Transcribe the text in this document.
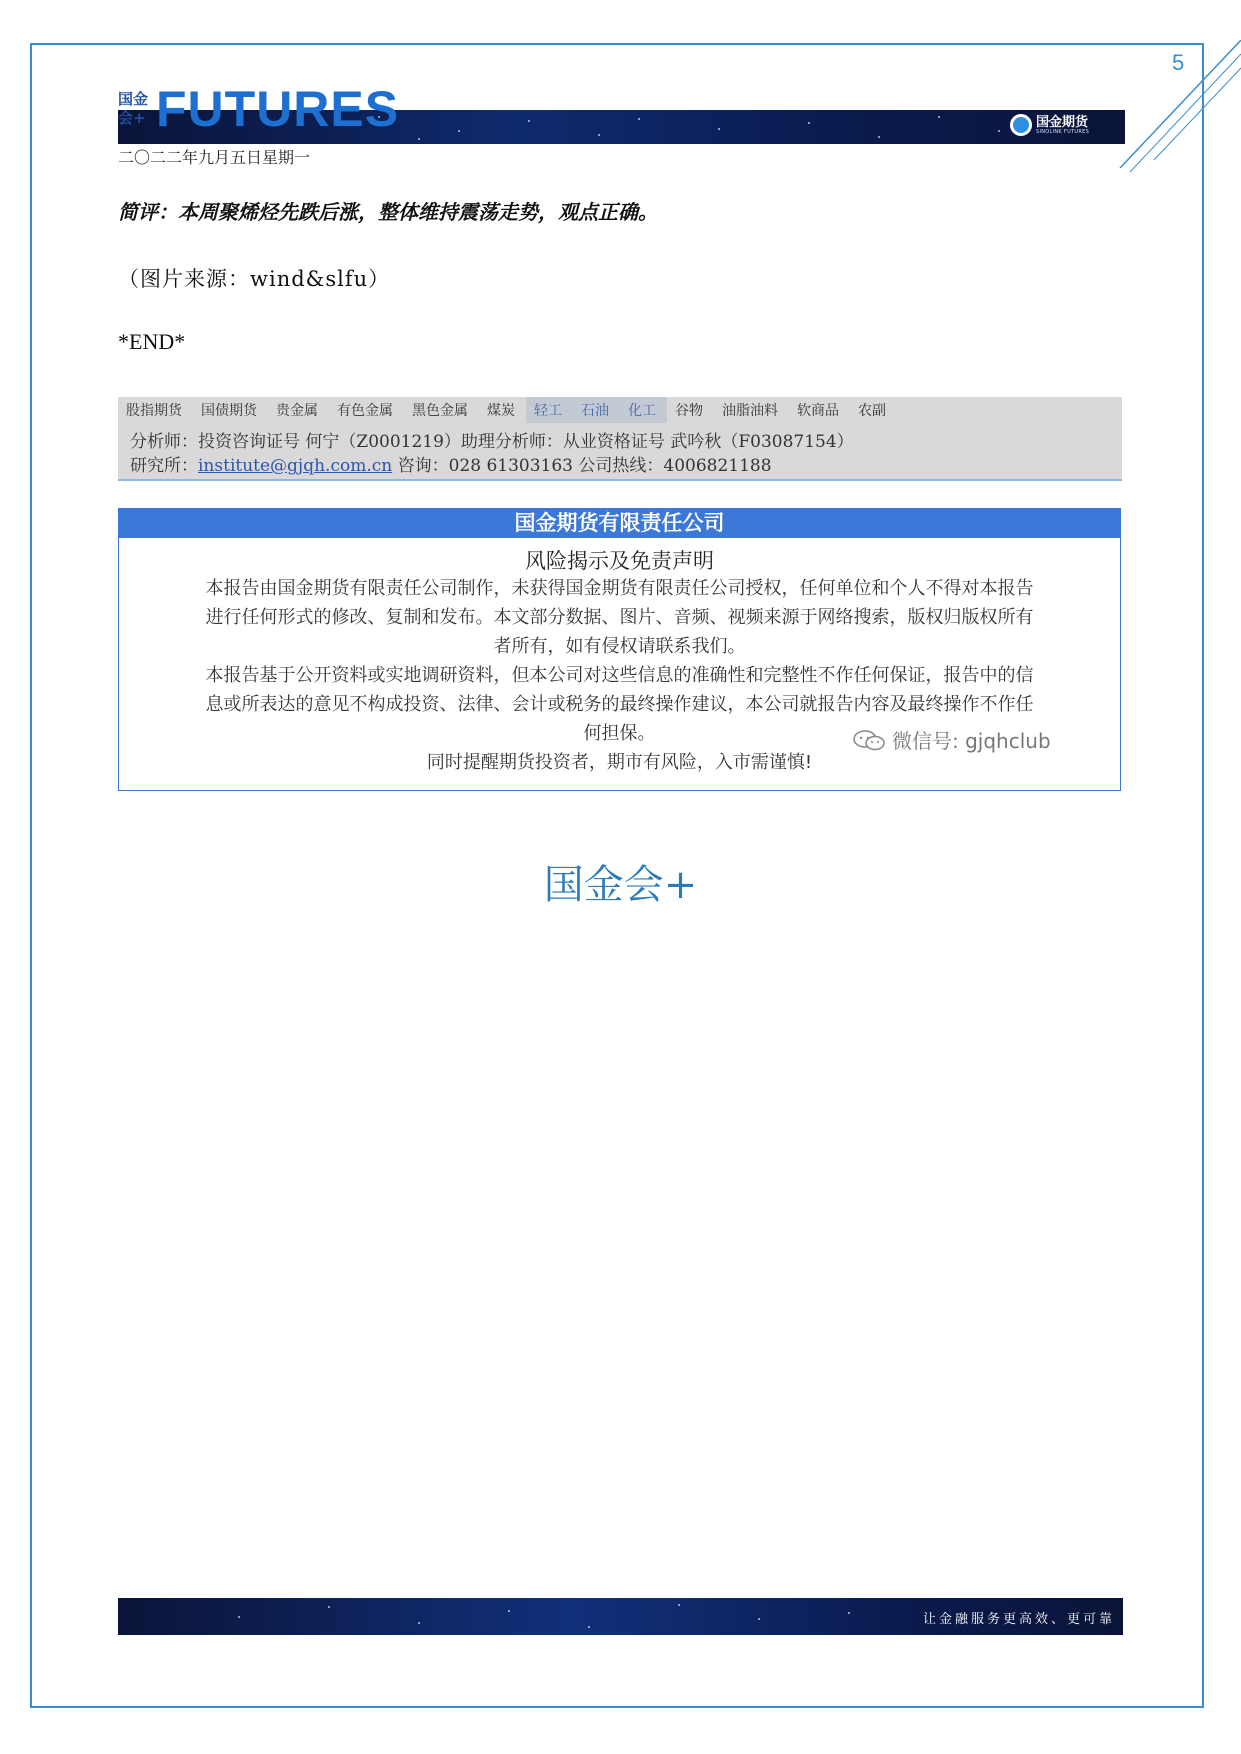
5
国金会+ FUTURES	国金期货
SINOLINK FUTURES
二〇二二年九月五日星期一
简评：本周聚烯烃先跌后涨，整体维持震荡走势，观点正确。
（图片来源：wind&slfu）
*END*
股指期货	国债期货	贵金属	有色金属	黑色金属	煤炭	轻工	石油	化工	谷物	油脂油料	软商品	农副
分析师：投资咨询证号 何宁（Z0001219）助理分析师：从业资格证号 武吟秋（F03087154）
研究所：institute@gjqh.com.cn 咨询：028 61303163 公司热线：4006821188
国金期货有限责任公司
风险揭示及免责声明
本报告由国金期货有限责任公司制作，未获得国金期货有限责任公司授权，任何单位和个人不得对本报告
进行任何形式的修改、复制和发布。本文部分数据、图片、音频、视频来源于网络搜索，版权归版权所有
者所有，如有侵权请联系我们。
本报告基于公开资料或实地调研资料，但本公司对这些信息的准确性和完整性不作任何保证，报告中的信
息或所表达的意见不构成投资、法律、会计或税务的最终操作建议，本公司就报告内容及最终操作不作任
何担保。
同时提醒期货投资者，期市有风险，入市需谨慎!
微信号: gjqhclub
国金会+
让金融服务更高效、更可靠
